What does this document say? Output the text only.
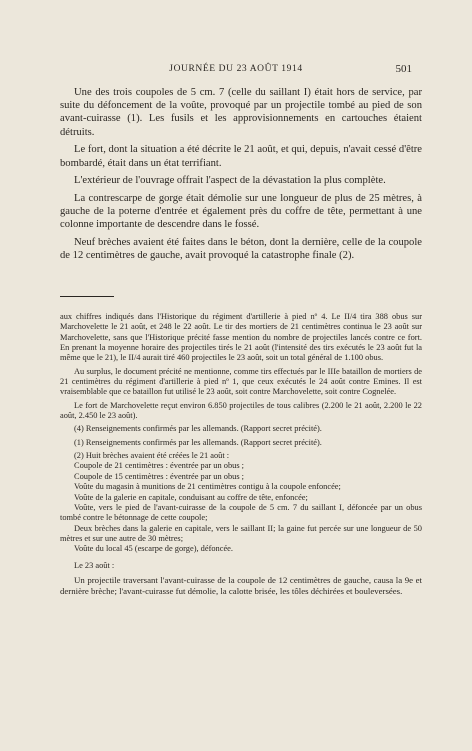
JOURNÉE DU 23 AOÛT 1914	501

Une des trois coupoles de 5 cm. 7 (celle du saillant I) était hors de service, par suite du défoncement de la voûte, provoqué par un projectile tombé au pied de son avant-cuirasse (1). Les fusils et les approvisionnements en cartouches étaient détruits.

Le fort, dont la situation a été décrite le 21 août, et qui, depuis, n'avait cessé d'être bombardé, était dans un état terrifiant.

L'extérieur de l'ouvrage offrait l'aspect de la dévastation la plus complète.

La contrescarpe de gorge était démolie sur une longueur de plus de 25 mètres, à gauche de la poterne d'entrée et également près du coffre de tête, permettant à une colonne importante de descendre dans le fossé.

Neuf brèches avaient été faites dans le béton, dont la dernière, celle de la coupole de 12 centimètres de gauche, avait provoqué la catastrophe finale (2).

aux chiffres indiqués dans l'Historique du régiment d'artillerie à pied nº 4. Le II/4 tira 388 obus sur Marchovelette le 21 août, et 248 le 22 août. Le tir des mortiers de 21 centimètres continua le 23 août sur Marchovelette, sans que l'Historique précité fasse mention du nombre de projectiles lancés contre ce fort. En prenant la moyenne horaire des projectiles tirés le 21 août (l'intensité des tirs exécutés le 23 août fut la même que le 21), le II/4 aurait tiré 460 projectiles le 23 août, soit un total général de 1.100 obus.

Au surplus, le document précité ne mentionne, comme tirs effectués par le IIIe bataillon de mortiers de 21 centimètres du régiment d'artillerie à pied nº 1, que ceux exécutés le 24 août contre Emines. Il est vraisemblable que ce bataillon fut utilisé le 23 août, soit contre Marchovelette, soit contre Cognelée.

Le fort de Marchovelette reçut environ 6.850 projectiles de tous calibres (2.200 le 21 août, 2.200 le 22 août, 2.450 le 23 août).

(4) Renseignements confirmés par les allemands. (Rapport secret précité).

(1) Renseignements confirmés par les allemands. (Rapport secret précité).

(2) Huit brèches avaient été créées le 21 août :

Coupole de 21 centimètres : éventrée par un obus ;

Coupole de 15 centimètres : éventrée par un obus ;

Voûte du magasin à munitions de 21 centimètres contigu à la coupole enfoncée;

Voûte de la galerie en capitale, conduisant au coffre de tête, enfoncée;

Voûte, vers le pied de l'avant-cuirasse de la coupole de 5 cm. 7 du saillant I, défoncée par un obus tombé contre le bétonnage de cette coupole;

Deux brèches dans la galerie en capitale, vers le saillant II; la gaine fut percée sur une longueur de 50 mètres et sur une autre de 30 mètres;

Voûte du local 45 (escarpe de gorge), défoncée.

Le 23 août :

Un projectile traversant l'avant-cuirasse de la coupole de 12 centimètres de gauche, causa la 9e et dernière brèche; l'avant-cuirasse fut démolie, la calotte brisée, les tôles déchirées et bouleversées.
